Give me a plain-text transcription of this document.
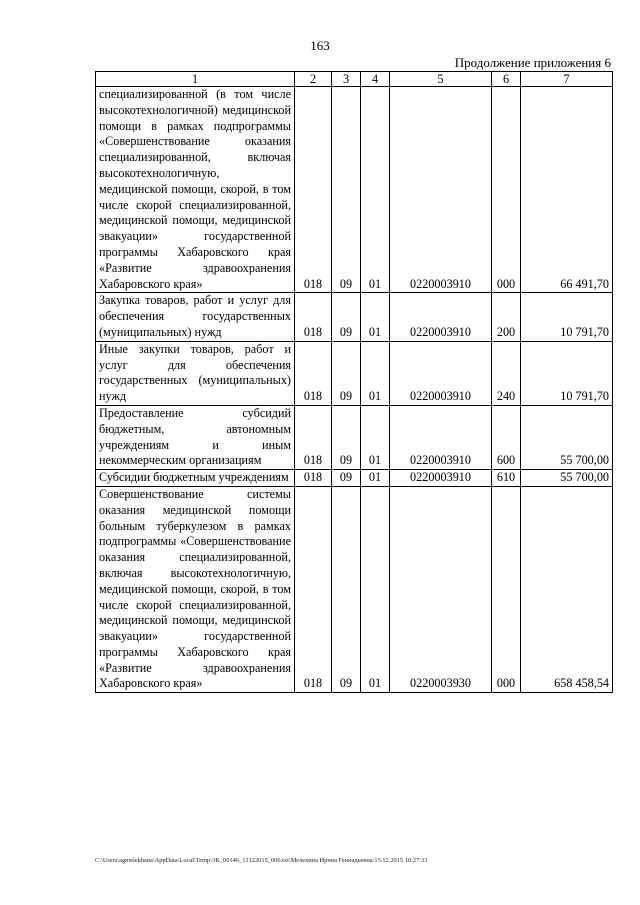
163
Продолжение приложения 6
1	2	3	4	5	6	7
специализированной (в том числе высокотехнологичной) медицинской помощи в рамках подпрограммы «Совершенствование оказания специализированной, включая высокотехнологичную, медицинской помощи, скорой, в том числе скорой специализированной, медицинской помощи, медицинской эвакуации» государственной программы Хабаровского края «Развитие здравоохранения Хабаровского края»	018	09	01	0220003910	000	66 491,70
Закупка товаров, работ и услуг для обеспечения государственных (муниципальных) нужд	018	09	01	0220003910	200	10 791,70
Иные закупки товаров, работ и услуг для обеспечения государственных (муниципальных) нужд	018	09	01	0220003910	240	10 791,70
Предоставление субсидий бюджетным, автономным учреждениям и иным некоммерческим организациям	018	09	01	0220003910	600	55 700,00
Субсидии бюджетным учреждениям	018	09	01	0220003910	610	55 700,00
Совершенствование системы оказания медицинской помощи больным туберкулезом в рамках подпрограммы «Совершенствование оказания специализированной, включая высокотехнологичную, медицинской помощи, скорой, в том числе скорой специализированной, медицинской помощи, медицинской эвакуации» государственной программы Хабаровского края «Развитие здравоохранения Хабаровского края»	018	09	01	0220003930	000	658 458,54
C:\Users\agmelekhana\AppData\Local\Temp\3K_00146_12122015_006.txt\Мелехина Ирина Геннадьевна\15.12.2015 10:27:33
